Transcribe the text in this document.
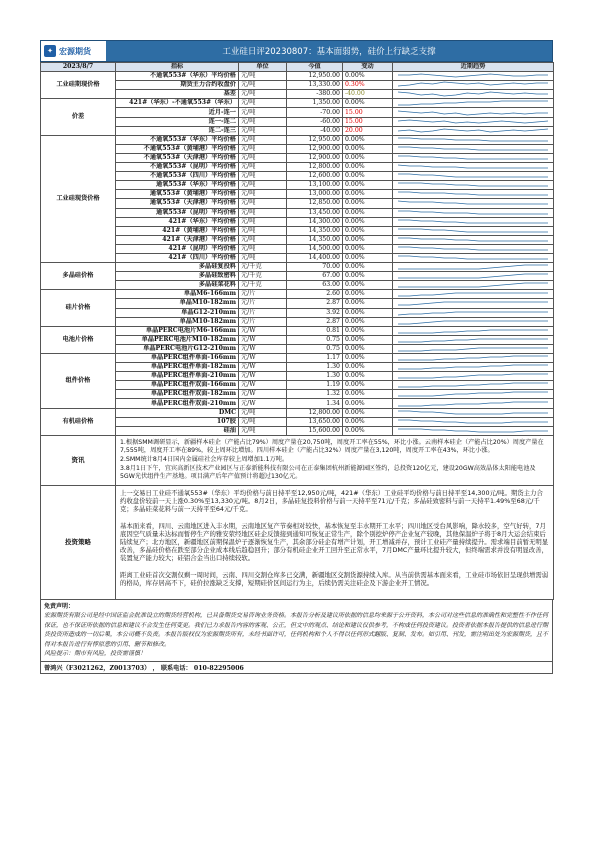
✦ 宏源期货	工业硅日评20230807：基本面弱势，硅价上行缺乏支撑
2023/8/7	指标	单位	今值	变动	近期趋势
工业硅期现价格	不通氧553#（华东）平均价格	元/吨	12,950.00	0.00%	

	期货主力合约收盘价	元/吨	13,330.00	0.30%	

	基差	元/吨	-380.00	-40.00	

价差	421#（华东）-不通氧553#（华东）	元/吨	1,350.00	0.00%	

	近月-连一	元/吨	-70.00	15.00	

	连一-连二	元/吨	-60.00	15.00	

	连二-连三	元/吨	-40.00	20.00	

工业硅现货价格	不通氧553#（华东）平均价格	元/吨	12,950.00	0.00%	

	不通氧553#（黄埔港）平均价格	元/吨	12,900.00	0.00%	

	不通氧553#（天津港）平均价格	元/吨	12,900.00	0.00%	

	不通氧553#（昆明）平均价格	元/吨	12,800.00	0.00%	

	不通氧553#（四川）平均价格	元/吨	12,600.00	0.00%	

	通氧553#（华东）平均价格	元/吨	13,100.00	0.00%	

	通氧553#（黄埔港）平均价格	元/吨	13,000.00	0.00%	

	通氧553#（天津港）平均价格	元/吨	12,850.00	0.00%	

	通氧553#（昆明）平均价格	元/吨	13,450.00	0.00%	

	421#（华东）平均价格	元/吨	14,300.00	0.00%	

	421#（黄埔港）平均价格	元/吨	14,350.00	0.00%	

	421#（天津港）平均价格	元/吨	14,350.00	0.00%	

	421#（昆明）平均价格	元/吨	14,500.00	0.00%	

	421#（四川）平均价格	元/吨	14,400.00	0.00%	

多晶硅价格	多晶硅复投料	元/千克	70.00	0.00%	

	多晶硅致密料	元/千克	67.00	0.00%	

	多晶硅菜花料	元/千克	63.00	0.00%	

硅片价格	单晶M6-166mm	元/片	2.60	0.00%	

	单晶M10-182mm	元/片	2.87	0.00%	

	单晶G12-210mm	元/片	3.92	0.00%	

	单晶M10-182mm	元/片	2.87	0.00%	

电池片价格	单晶PERC电池片M6-166mm	元/W	0.81	0.00%	

	单晶PERC电池片M10-182mm	元/W	0.75	0.00%	

	单晶PERC电池片G12-210mm	元/W	0.75	0.00%	

组件价格	单晶PERC组件单面-166mm	元/W	1.17	0.00%	

	单晶PERC组件单面-182mm	元/W	1.30	0.00%	

	单晶PERC组件单面-210mm	元/W	1.30	0.00%	

	单晶PERC组件双面-166mm	元/W	1.19	0.00%	

	单晶PERC组件双面-182mm	元/W	1.32	0.00%	

	单晶PERC组件双面-210mm	元/W	1.34	0.00%	

有机硅价格	DMC	元/吨	12,800.00	0.00%	

	107胶	元/吨	13,650.00	0.00%	

	硅油	元/吨	15,600.00	0.00%	

资讯	1.根据SMM调研显示，新疆样本硅企（产能占比79%）周度产量在20,750吨，周度开工率在55%，环比小涨。云南样本硅企（产能占比20%）周度产量在7,555吨，周度开工率在89%，较上周环比增加。四川样本硅企（产能占比32%）周度产量在3,120吨，周度开工率在43%，环比小涨。

2.SMM统计8月4日国内金属硅社会库存较上周增加1.1万吨。

3.8月1日下午，宜宾高新区技术产业园区与正泰新能科技有限公司在正泰集团杭州新能源园区签约，总投资120亿元，建设20GW高效晶体太阳能电池及5GW光伏组件生产基地。项目满产后年产值预计将超过130亿元。				

投资策略	上一交易日工业硅不通氧553#（华东）平均价格与前日持平至12,950元/吨，421#（华东）工业硅平均价格与前日持平至14,300元/吨。期货主力合约收盘价较前一天上涨0.30%至13,330元/吨。8月2日，多晶硅复投料价格与前一天持平至71元/千克；多晶硅致密料与前一天持平1.49%至68元/千克；多晶硅菜花料与前一天持平至64元/千克。

基本面来看，四川、云南地区进入丰水期，云南地区复产节奏相对较快，基本恢复至丰水期开工水平；四川地区受台风影响，降水较多，空气好转，7月底因空气质量未达标而暂停生产的雅安荥经地区硅企反馈接到通知可恢复正常生产，除个别挖炉停产企业复产较晚，其他保温炉子将于8月大运会结束后陆续复产；北方地区，新疆地区前期保温炉子逐渐恢复生产，其余部分硅企有增产计划，开工增减并存，预计工业硅产量持续提升。需求端目前暂无明显改善，多晶硅价格在跌至部分企业成本线后趋稳回升；部分有机硅企业开工回升至正常水平，7月DMC产量环比提升较大，但终端需求并没有明显改善，装置复产能力较大；硅铝合金当出口持续较软。

距离工业硅首次交割仅剩一周时间，云南、四川交割仓库多已交满，新疆地区交割货源持续入库。从当前供需基本面来看，工业硅市场依旧呈现供增需弱的格局，库存居高不下，硅价拉涨缺乏支撑，短期硅价区间运行为主，后续仍需关注硅企及下游企业开工情况。				

免责声明：
宏源期货有限公司是经中国证监会批准设立的期货经营机构，已具备期货交易咨询业务资格。本报告分析及建议所依据的信息均来源于公开资料，本公司对这些信息的准确性和完整性不作任何保证，也不保证所依据的信息和建议不会发生任何变更。我们已力求报告内容的客观、公正，但文中的观点、结论和建议仅供参考，不构成任何投资建议。投资者依据本报告提供的信息进行期货投资所造成的一切后果，本公司概不负责。本报告版权仅为宏源期货所有，未经书面许可，任何机构和个人不得以任何形式翻版、复制、发布。如引用、刊发，需注明出处为宏源期货，且不得对本报告进行有悖原意的引用、删节和修改。
风险提示：期市有风险，投资需谨慎！
曾鸿兴（F3021262，Z0013703） ， 联系电话： 010-82295006
